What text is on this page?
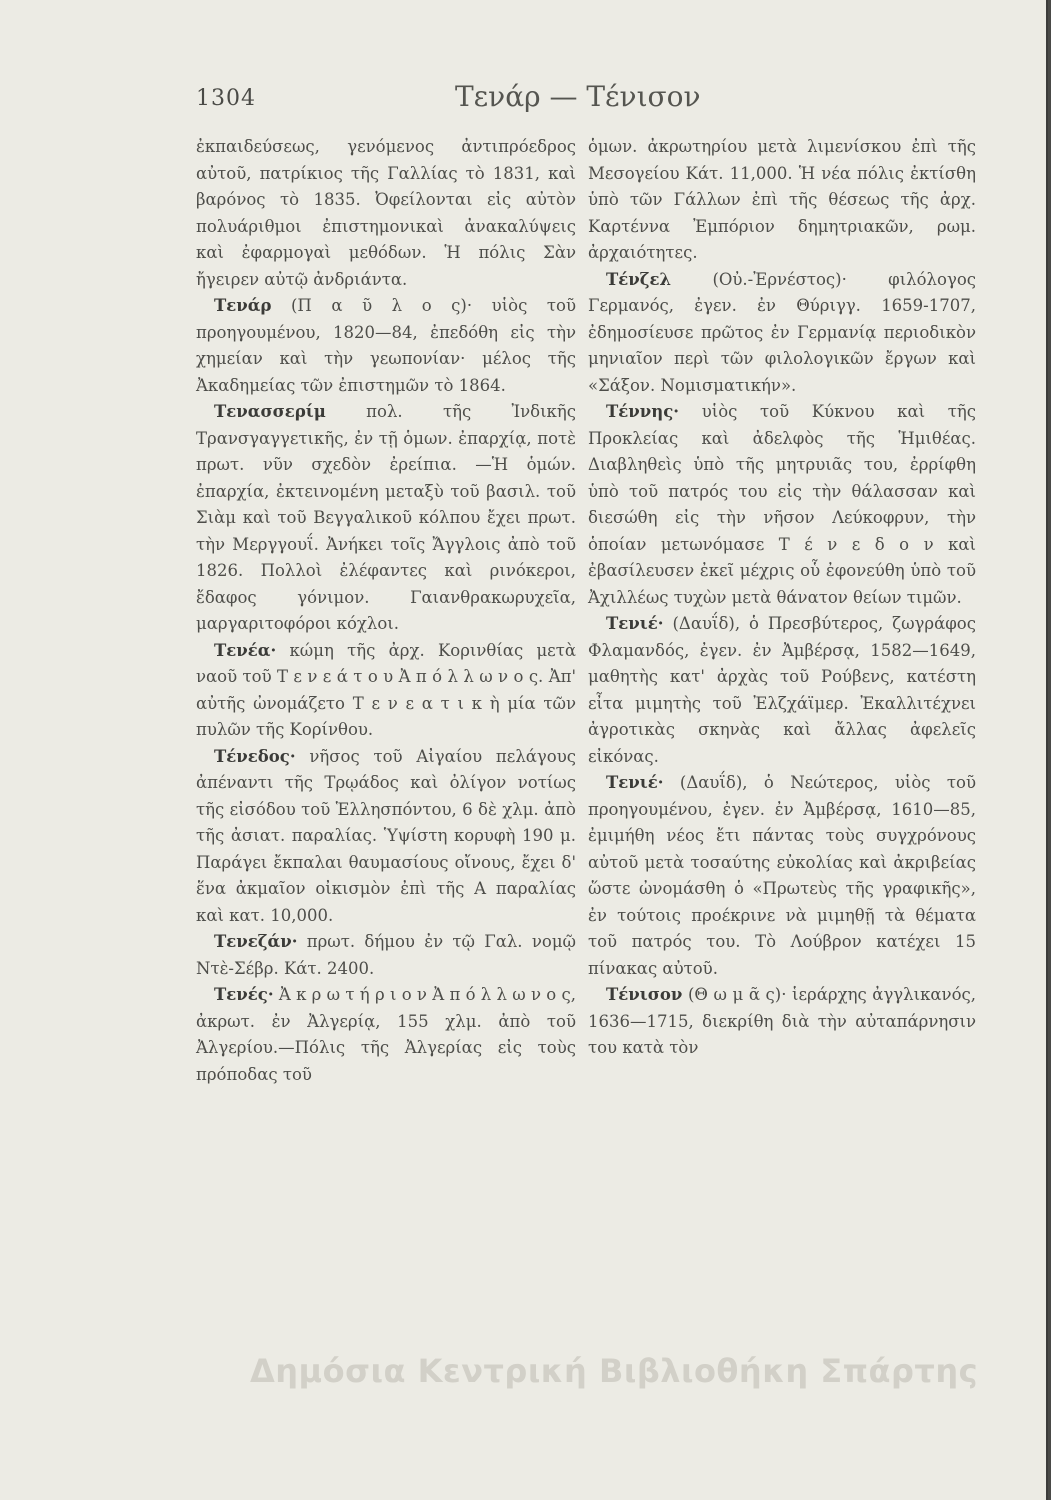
1304	Τενάρ — Τένισον

ἐκπαιδεύσεως, γενόμενος ἀντιπρόεδρος αὐτοῦ, πατρίκιος τῆς Γαλλίας τὸ 1831, καὶ βαρόνος τὸ 1835. Ὀφείλονται εἰς αὐτὸν πολυάριθμοι ἐπιστημονικαὶ ἀνακαλύψεις καὶ ἐφαρμογαὶ μεθόδων. Ἡ πόλις Σὰν ἤγειρεν αὐτῷ ἀνδριάντα.

Τενάρ (Π α ῦ λ ο ς)· υἱὸς τοῦ προηγουμένου, 1820—84, ἐπεδόθη εἰς τὴν χημείαν καὶ τὴν γεωπονίαν· μέλος τῆς Ἀκαδημείας τῶν ἐπιστημῶν τὸ 1864.

Τενασσερίμ πολ. τῆς Ἰνδικῆς Τρανσγαγγετικῆς, ἐν τῇ ὁμων. ἐπαρχίᾳ, ποτὲ πρωτ. νῦν σχεδὸν ἐρείπια. —Ἡ ὁμών. ἐπαρχία, ἐκτεινομένη μεταξὺ τοῦ βασιλ. τοῦ Σιὰμ καὶ τοῦ Βεγγαλικοῦ κόλπου ἔχει πρωτ. τὴν Μεργγουΐ. Ἀνήκει τοῖς Ἄγγλοις ἀπὸ τοῦ 1826. Πολλοὶ ἐλέφαντες καὶ ρινόκεροι, ἔδαφος γόνιμον. Γαιανθρακωρυχεῖα, μαργαριτοφόροι κόχλοι.

Τενέα· κώμη τῆς ἀρχ. Κορινθίας μετὰ ναοῦ τοῦ Τ ε ν ε ά τ ο υ Ἀ π ό λ λ ω ν ο ς. Ἀπ' αὐτῆς ὠνομάζετο Τ ε ν ε α τ ι κ ὴ μία τῶν πυλῶν τῆς Κορίνθου.

Τένεδος· νῆσος τοῦ Αἰγαίου πελάγους ἀπέναντι τῆς Τρῳάδος καὶ ὀλίγον νοτίως τῆς εἰσόδου τοῦ Ἑλλησπόντου, 6 δὲ χλμ. ἀπὸ τῆς ἀσιατ. παραλίας. Ὑψίστη κορυφὴ 190 μ. Παράγει ἔκπαλαι θαυμασίους οἴνους, ἔχει δ' ἕνα ἀκμαῖον οἰκισμὸν ἐπὶ τῆς Α παραλίας καὶ κατ. 10,000.

Τενεζάν· πρωτ. δήμου ἐν τῷ Γαλ. νομῷ Ντὲ-Σέβρ. Κάτ. 2400.

Τενές· Ἀ κ ρ ω τ ή ρ ι ο ν Ἀ π ό λ λ ω ν ο ς, ἀκρωτ. ἐν Ἀλγερίᾳ, 155 χλμ. ἀπὸ τοῦ Ἀλγερίου.—Πόλις τῆς Ἀλγερίας εἰς τοὺς πρόποδας τοῦ

ὁμων. ἀκρωτηρίου μετὰ λιμενίσκου ἐπὶ τῆς Μεσογείου Κάτ. 11,000. Ἡ νέα πόλις ἐκτίσθη ὑπὸ τῶν Γάλλων ἐπὶ τῆς θέσεως τῆς ἀρχ. Καρτέννα Ἐμπόριον δημητριακῶν, ρωμ. ἀρχαιότητες.

Τένζελ	(Οὐ.-Ἐρνέστος)· φιλόλογος Γερμανός, ἐγεν. ἐν Θύριγγ. 1659-1707, ἐδημοσίευσε πρῶτος ἐν Γερμανίᾳ περιοδικὸν μηνιαῖον περὶ τῶν φιλολογικῶν ἔργων καὶ «Σάξον. Νομισματικήν».

Τέννης· υἱὸς τοῦ Κύκνου καὶ τῆς Προκλείας καὶ ἀδελφὸς τῆς Ἡμιθέας. Διαβληθεὶς ὑπὸ τῆς μητρυιᾶς του, ἐρρίφθη ὑπὸ τοῦ πατρός του εἰς τὴν θάλασσαν καὶ διεσώθη εἰς τὴν νῆσον Λεύκοφρυν, τὴν ὁποίαν μετωνόμασε Τ έ ν ε δ ο ν καὶ ἐβασίλευσεν ἐκεῖ μέχρις οὗ ἐφονεύθη ὑπὸ τοῦ Ἀχιλλέως τυχὼν μετὰ θάνατον θείων τιμῶν.

Τενιέ· (Δαυΐδ), ὁ Πρεσβύτερος, ζωγράφος Φλαμανδός, ἐγεν. ἐν Ἀμβέρσᾳ, 1582—1649, μαθητὴς κατ' ἀρχὰς τοῦ Ρούβενς, κατέστη εἶτα μιμητὴς τοῦ Ἐλζχάϊμερ. Ἐκαλλιτέχνει ἀγροτικὰς σκηνὰς καὶ ἄλλας ἀφελεῖς εἰκόνας.

Τενιέ· (Δαυΐδ), ὁ Νεώτερος, υἱὸς τοῦ προηγουμένου, ἐγεν. ἐν Ἀμβέρσᾳ, 1610—85, ἐμιμήθη νέος ἔτι πάντας τοὺς συγχρόνους αὐτοῦ μετὰ τοσαύτης εὐκολίας καὶ ἀκριβείας ὥστε ὠνομάσθη ὁ «Πρωτεὺς τῆς γραφικῆς», ἐν τούτοις προέκρινε νὰ μιμηθῇ τὰ θέματα τοῦ πατρός του. Τὸ Λούβρον κατέχει 15 πίνακας αὐτοῦ.

Τένισον (Θ ω μ ᾶ ς)· ἱεράρχης ἀγγλικανός, 1636—1715, διεκρίθη διὰ τὴν αὐταπάρνησιν του κατὰ τὸν

Δημόσια Κεντρική Βιβλιοθήκη Σπάρτης
